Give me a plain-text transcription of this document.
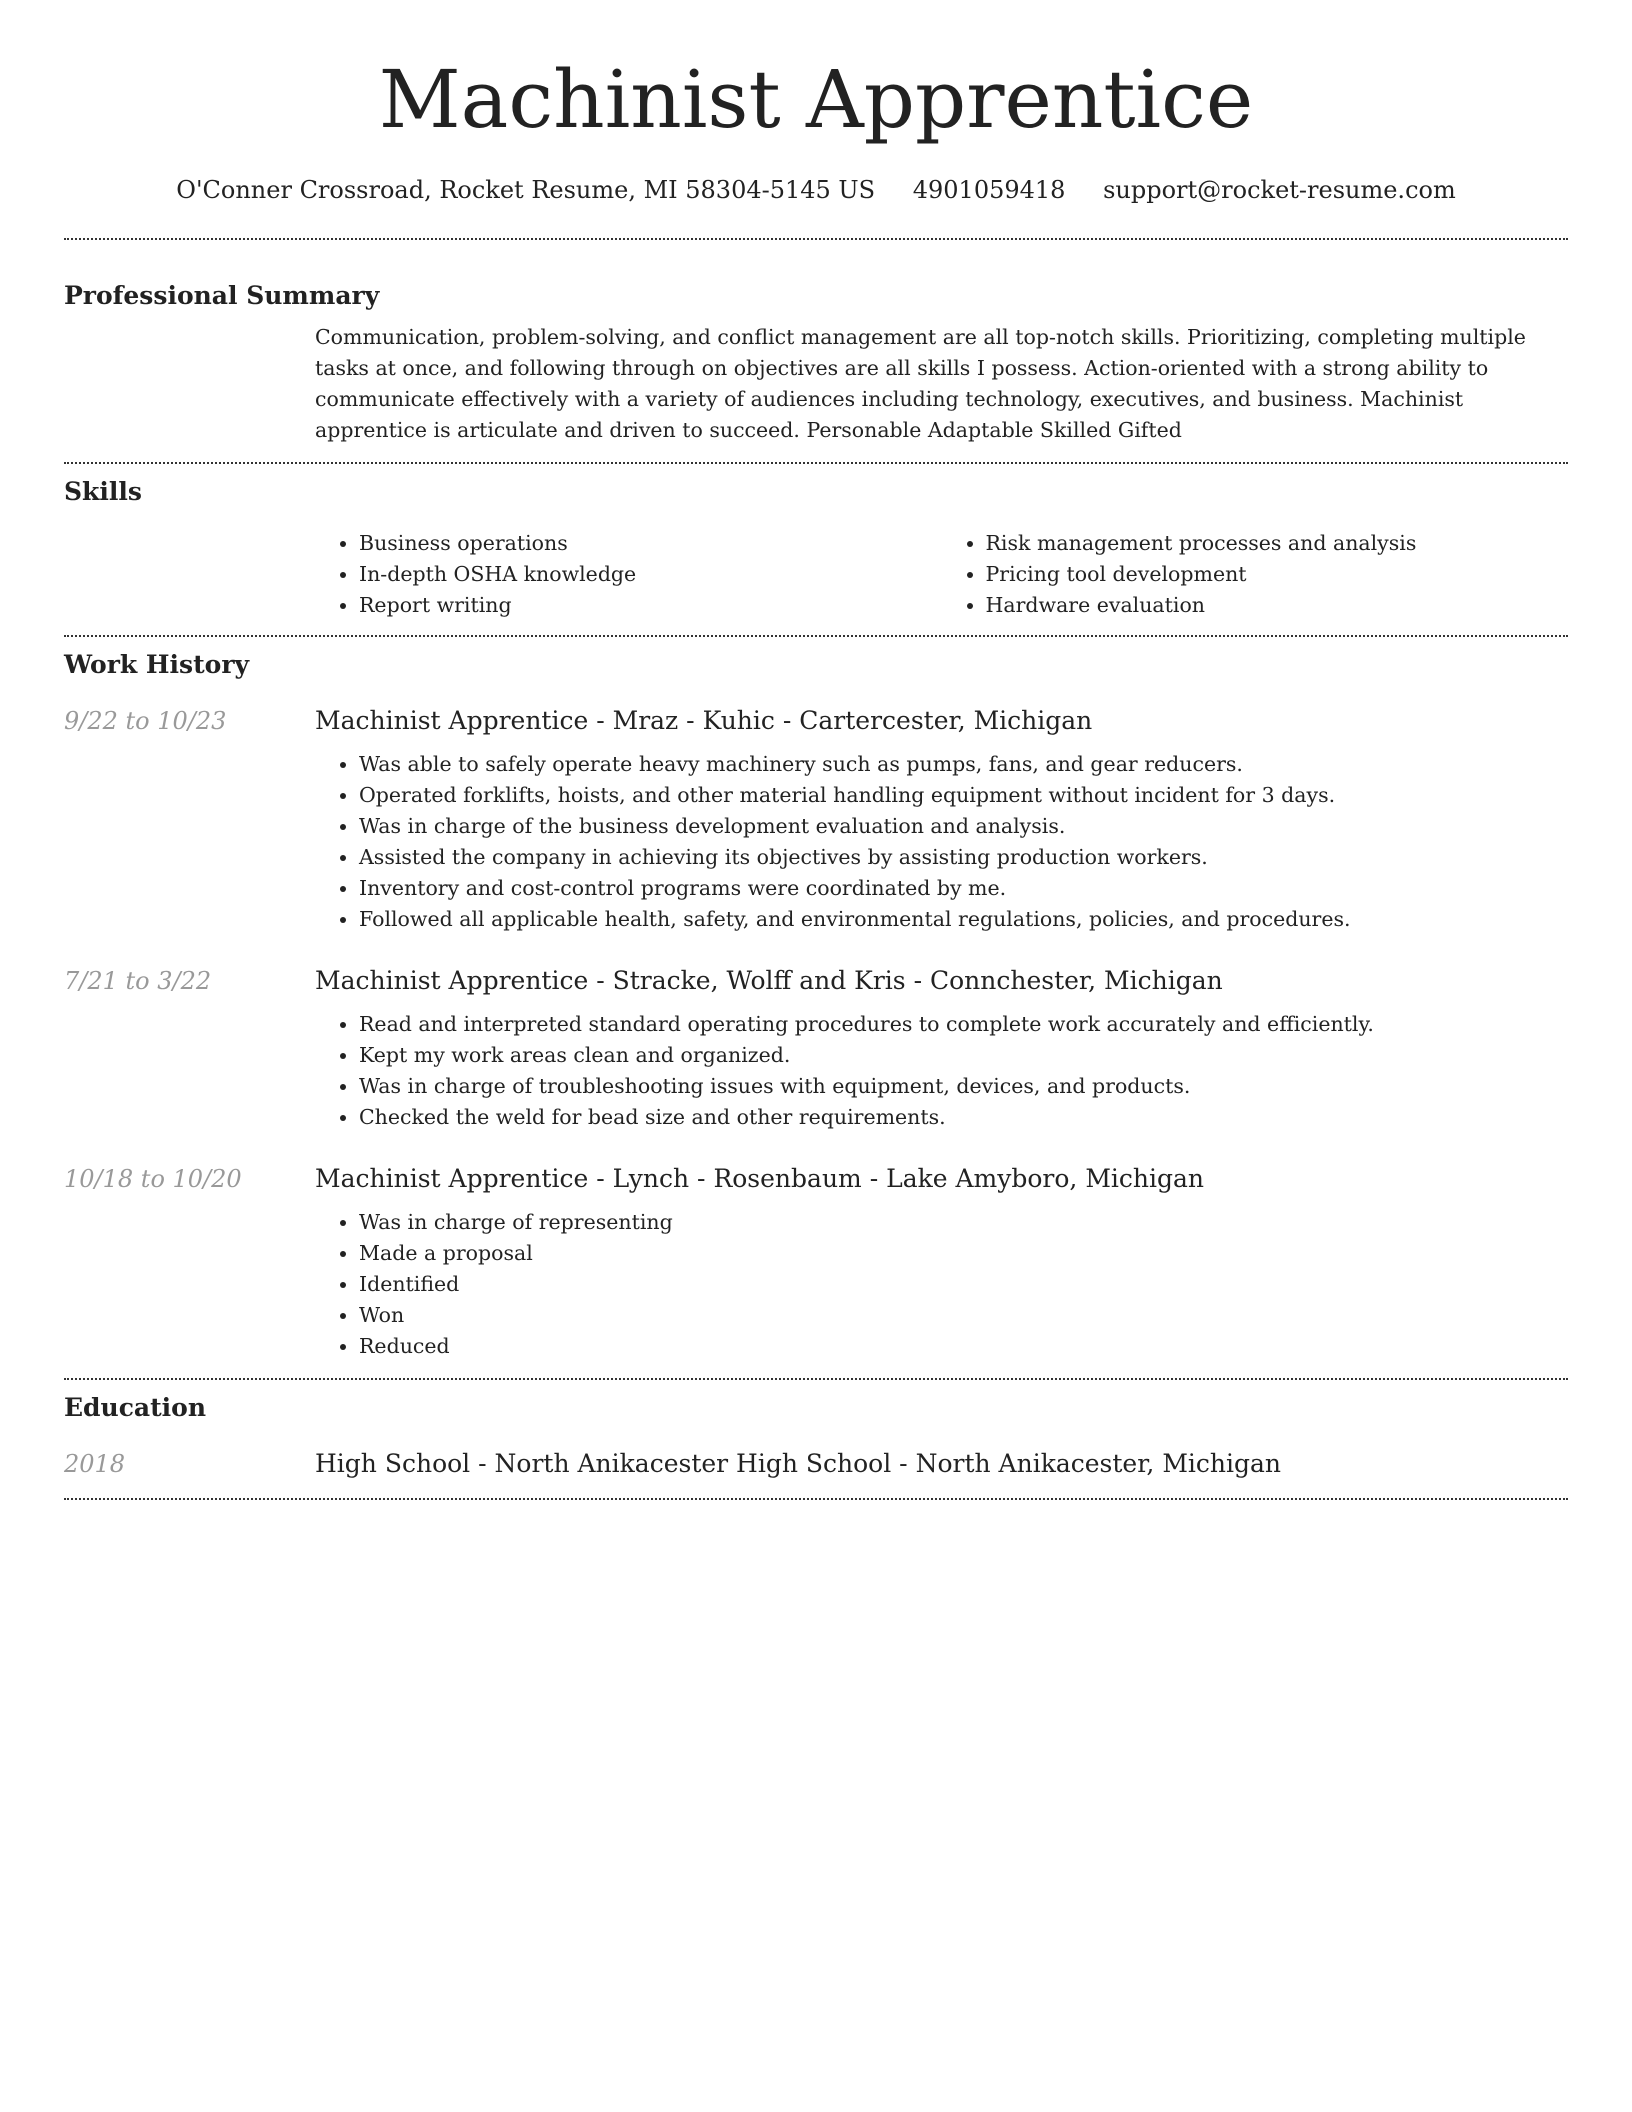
Machinist Apprentice
O'Conner Crossroad, Rocket Resume, MI 58304-5145 US 4901059418 support@rocket-resume.com
Professional Summary

Communication, problem-solving, and conflict management are all top-notch skills. Prioritizing, completing multiple tasks at once, and following through on objectives are all skills I possess. Action-oriented with a strong ability to communicate effectively with a variety of audiences including technology, executives, and business. Machinist apprentice is articulate and driven to succeed. Personable Adaptable Skilled Gifted

Skills
• Business operations
• In-depth OSHA knowledge
• Report writing
• Risk management processes and analysis
• Pricing tool development
• Hardware evaluation
Work History
9/22 to 10/23	Machinist Apprentice - Mraz - Kuhic - Cartercester, Michigan
• Was able to safely operate heavy machinery such as pumps, fans, and gear reducers.
• Operated forklifts, hoists, and other material handling equipment without incident for 3 days.
• Was in charge of the business development evaluation and analysis.
• Assisted the company in achieving its objectives by assisting production workers.
• Inventory and cost-control programs were coordinated by me.
• Followed all applicable health, safety, and environmental regulations, policies, and procedures.
7/21 to 3/22	Machinist Apprentice - Stracke, Wolff and Kris - Connchester, Michigan
• Read and interpreted standard operating procedures to complete work accurately and efficiently.
• Kept my work areas clean and organized.
• Was in charge of troubleshooting issues with equipment, devices, and products.
• Checked the weld for bead size and other requirements.
10/18 to 10/20	Machinist Apprentice - Lynch - Rosenbaum - Lake Amyboro, Michigan
• Was in charge of representing
• Made a proposal
• Identified
• Won
• Reduced
Education
2018	High School - North Anikacester High School - North Anikacester, Michigan
